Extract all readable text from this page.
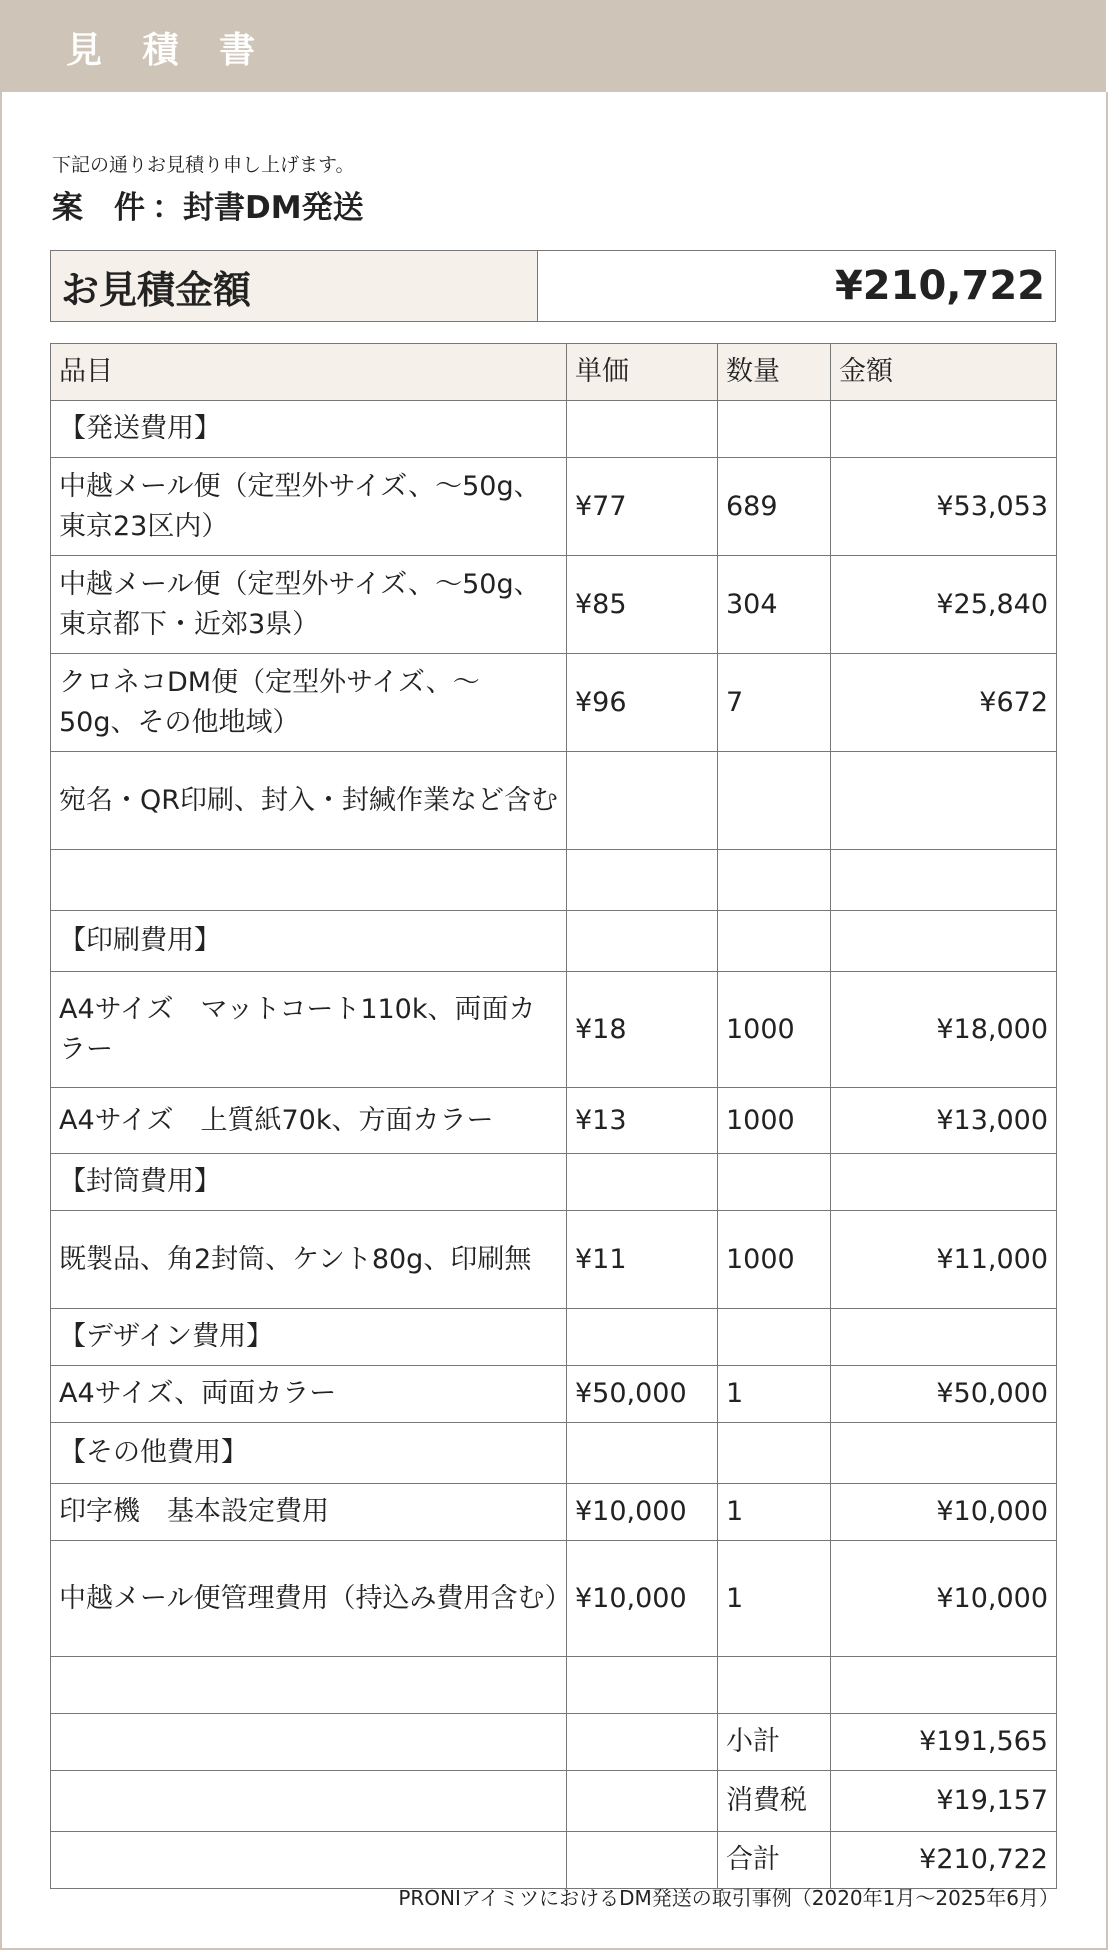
見 積 書
下記の通りお見積り申し上げます。
案　件 ：封書DM発送
お見積金額	¥210,722
品目	単価	数量	金額
【発送費用】			
中越メール便（定型外サイズ、～50g、東京23区内）	¥77	689	¥53,053
中越メール便（定型外サイズ、～50g、東京都下・近郊3県）	¥85	304	¥25,840
クロネコDM便（定型外サイズ、～50g、その他地域）	¥96	7	¥672
宛名・QR印刷、封入・封緘作業など含む			

【印刷費用】			
A4サイズ　マットコート110k、両面カラー	¥18	1000	¥18,000
A4サイズ　上質紙70k、方面カラー	¥13	1000	¥13,000
【封筒費用】			
既製品、角2封筒、ケント80g、印刷無	¥11	1000	¥11,000
【デザイン費用】			
A4サイズ、両面カラー	¥50,000	1	¥50,000
【その他費用】			
印字機　基本設定費用	¥10,000	1	¥10,000
中越メール便管理費用（持込み費用含む）	¥10,000	1	¥10,000

		小計	¥191,565
		消費税	¥19,157
		合計	¥210,722
PRONIアイミツにおけるDM発送の取引事例（2020年1月～2025年6月）
